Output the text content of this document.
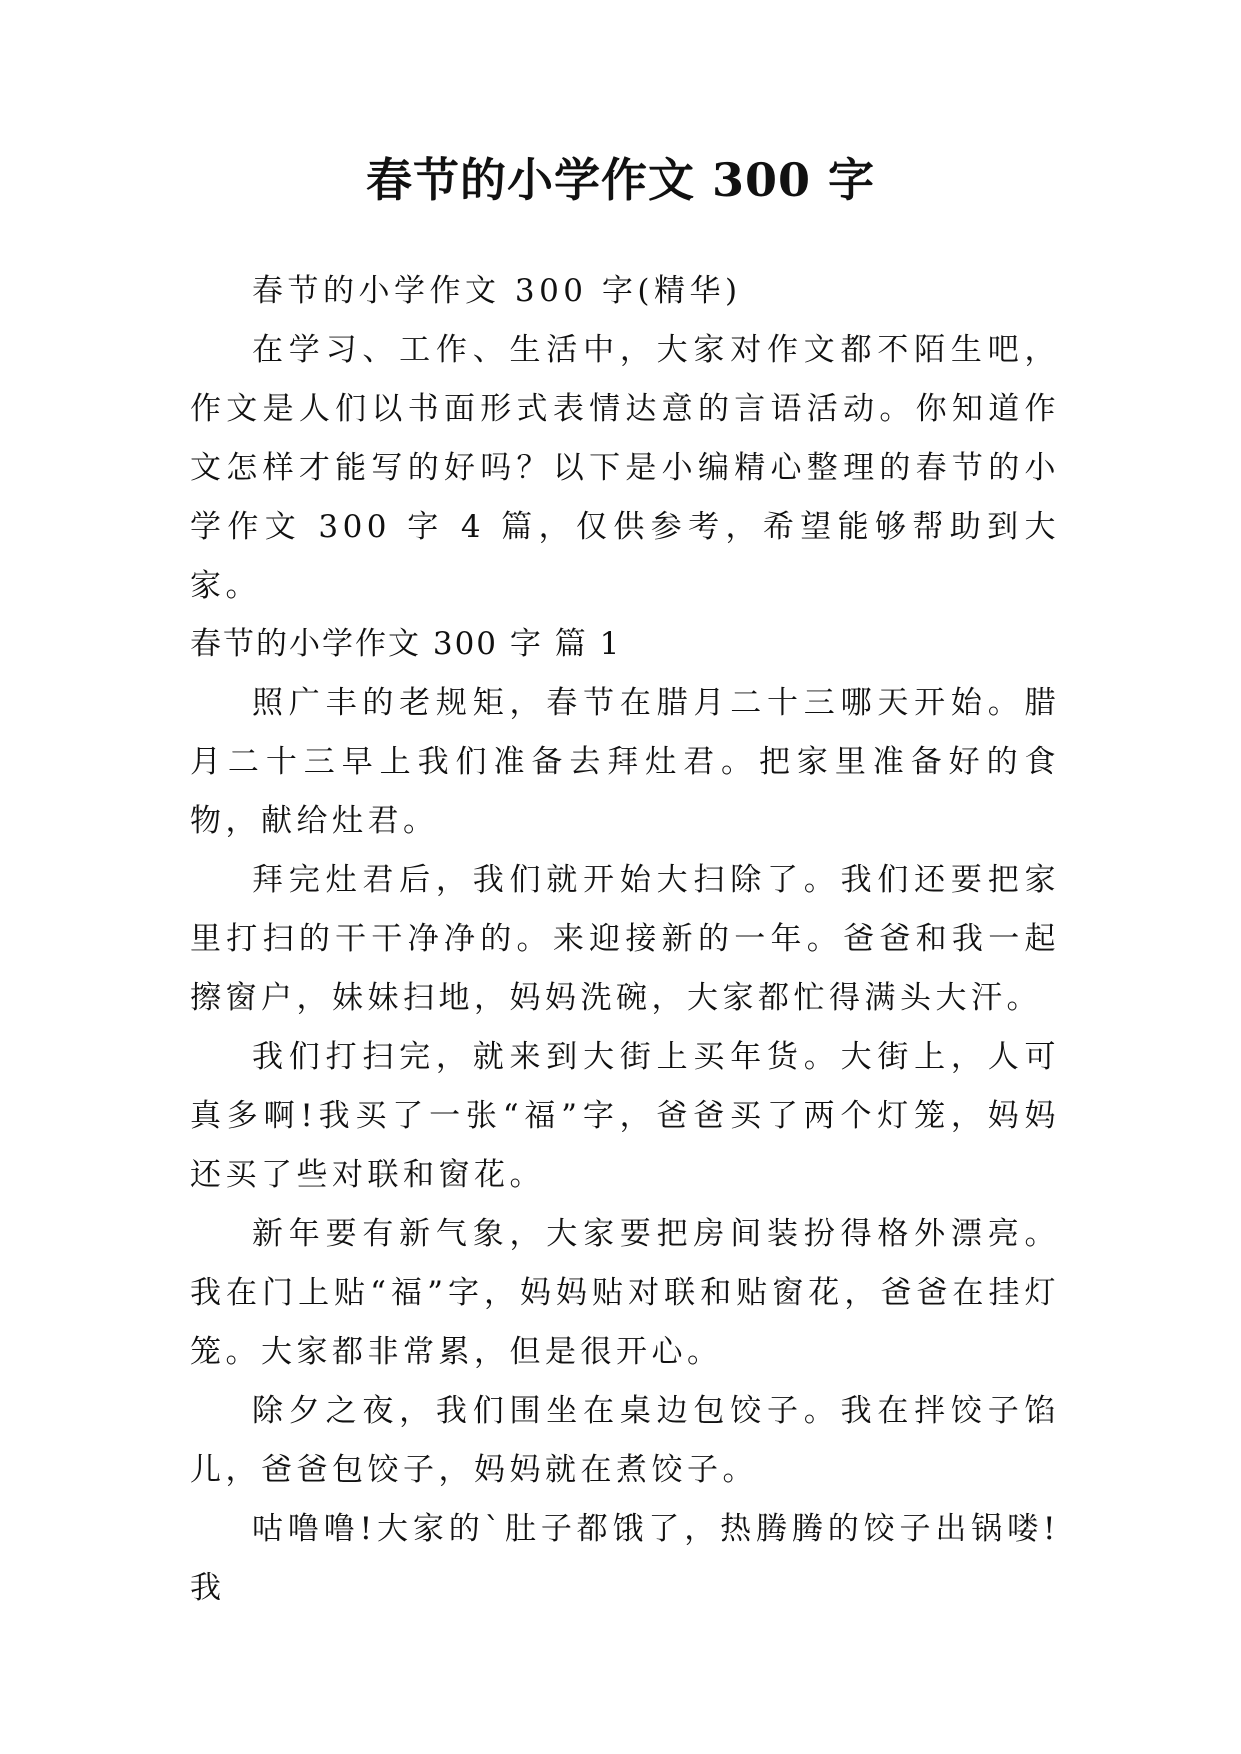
春节的小学作文 300 字

春节的小学作文 300 字(精华)

在学习、工作、生活中，大家对作文都不陌生吧，作文是人们以书面形式表情达意的言语活动。你知道作文怎样才能写的好吗？以下是小编精心整理的春节的小学作文 300 字 4 篇，仅供参考，希望能够帮助到大家。

春节的小学作文 300 字 篇 1

照广丰的老规矩，春节在腊月二十三哪天开始。腊月二十三早上我们准备去拜灶君。把家里准备好的食物，献给灶君。

拜完灶君后，我们就开始大扫除了。我们还要把家里打扫的干干净净的。来迎接新的一年。爸爸和我一起擦窗户，妹妹扫地，妈妈洗碗，大家都忙得满头大汗。

我们打扫完，就来到大街上买年货。大街上，人可真多啊!我买了一张“福”字，爸爸买了两个灯笼，妈妈还买了些对联和窗花。

新年要有新气象，大家要把房间装扮得格外漂亮。我在门上贴“福”字，妈妈贴对联和贴窗花，爸爸在挂灯笼。大家都非常累，但是很开心。

除夕之夜，我们围坐在桌边包饺子。我在拌饺子馅儿，爸爸包饺子，妈妈就在煮饺子。

咕噜噜!大家的`肚子都饿了，热腾腾的饺子出锅喽!我
